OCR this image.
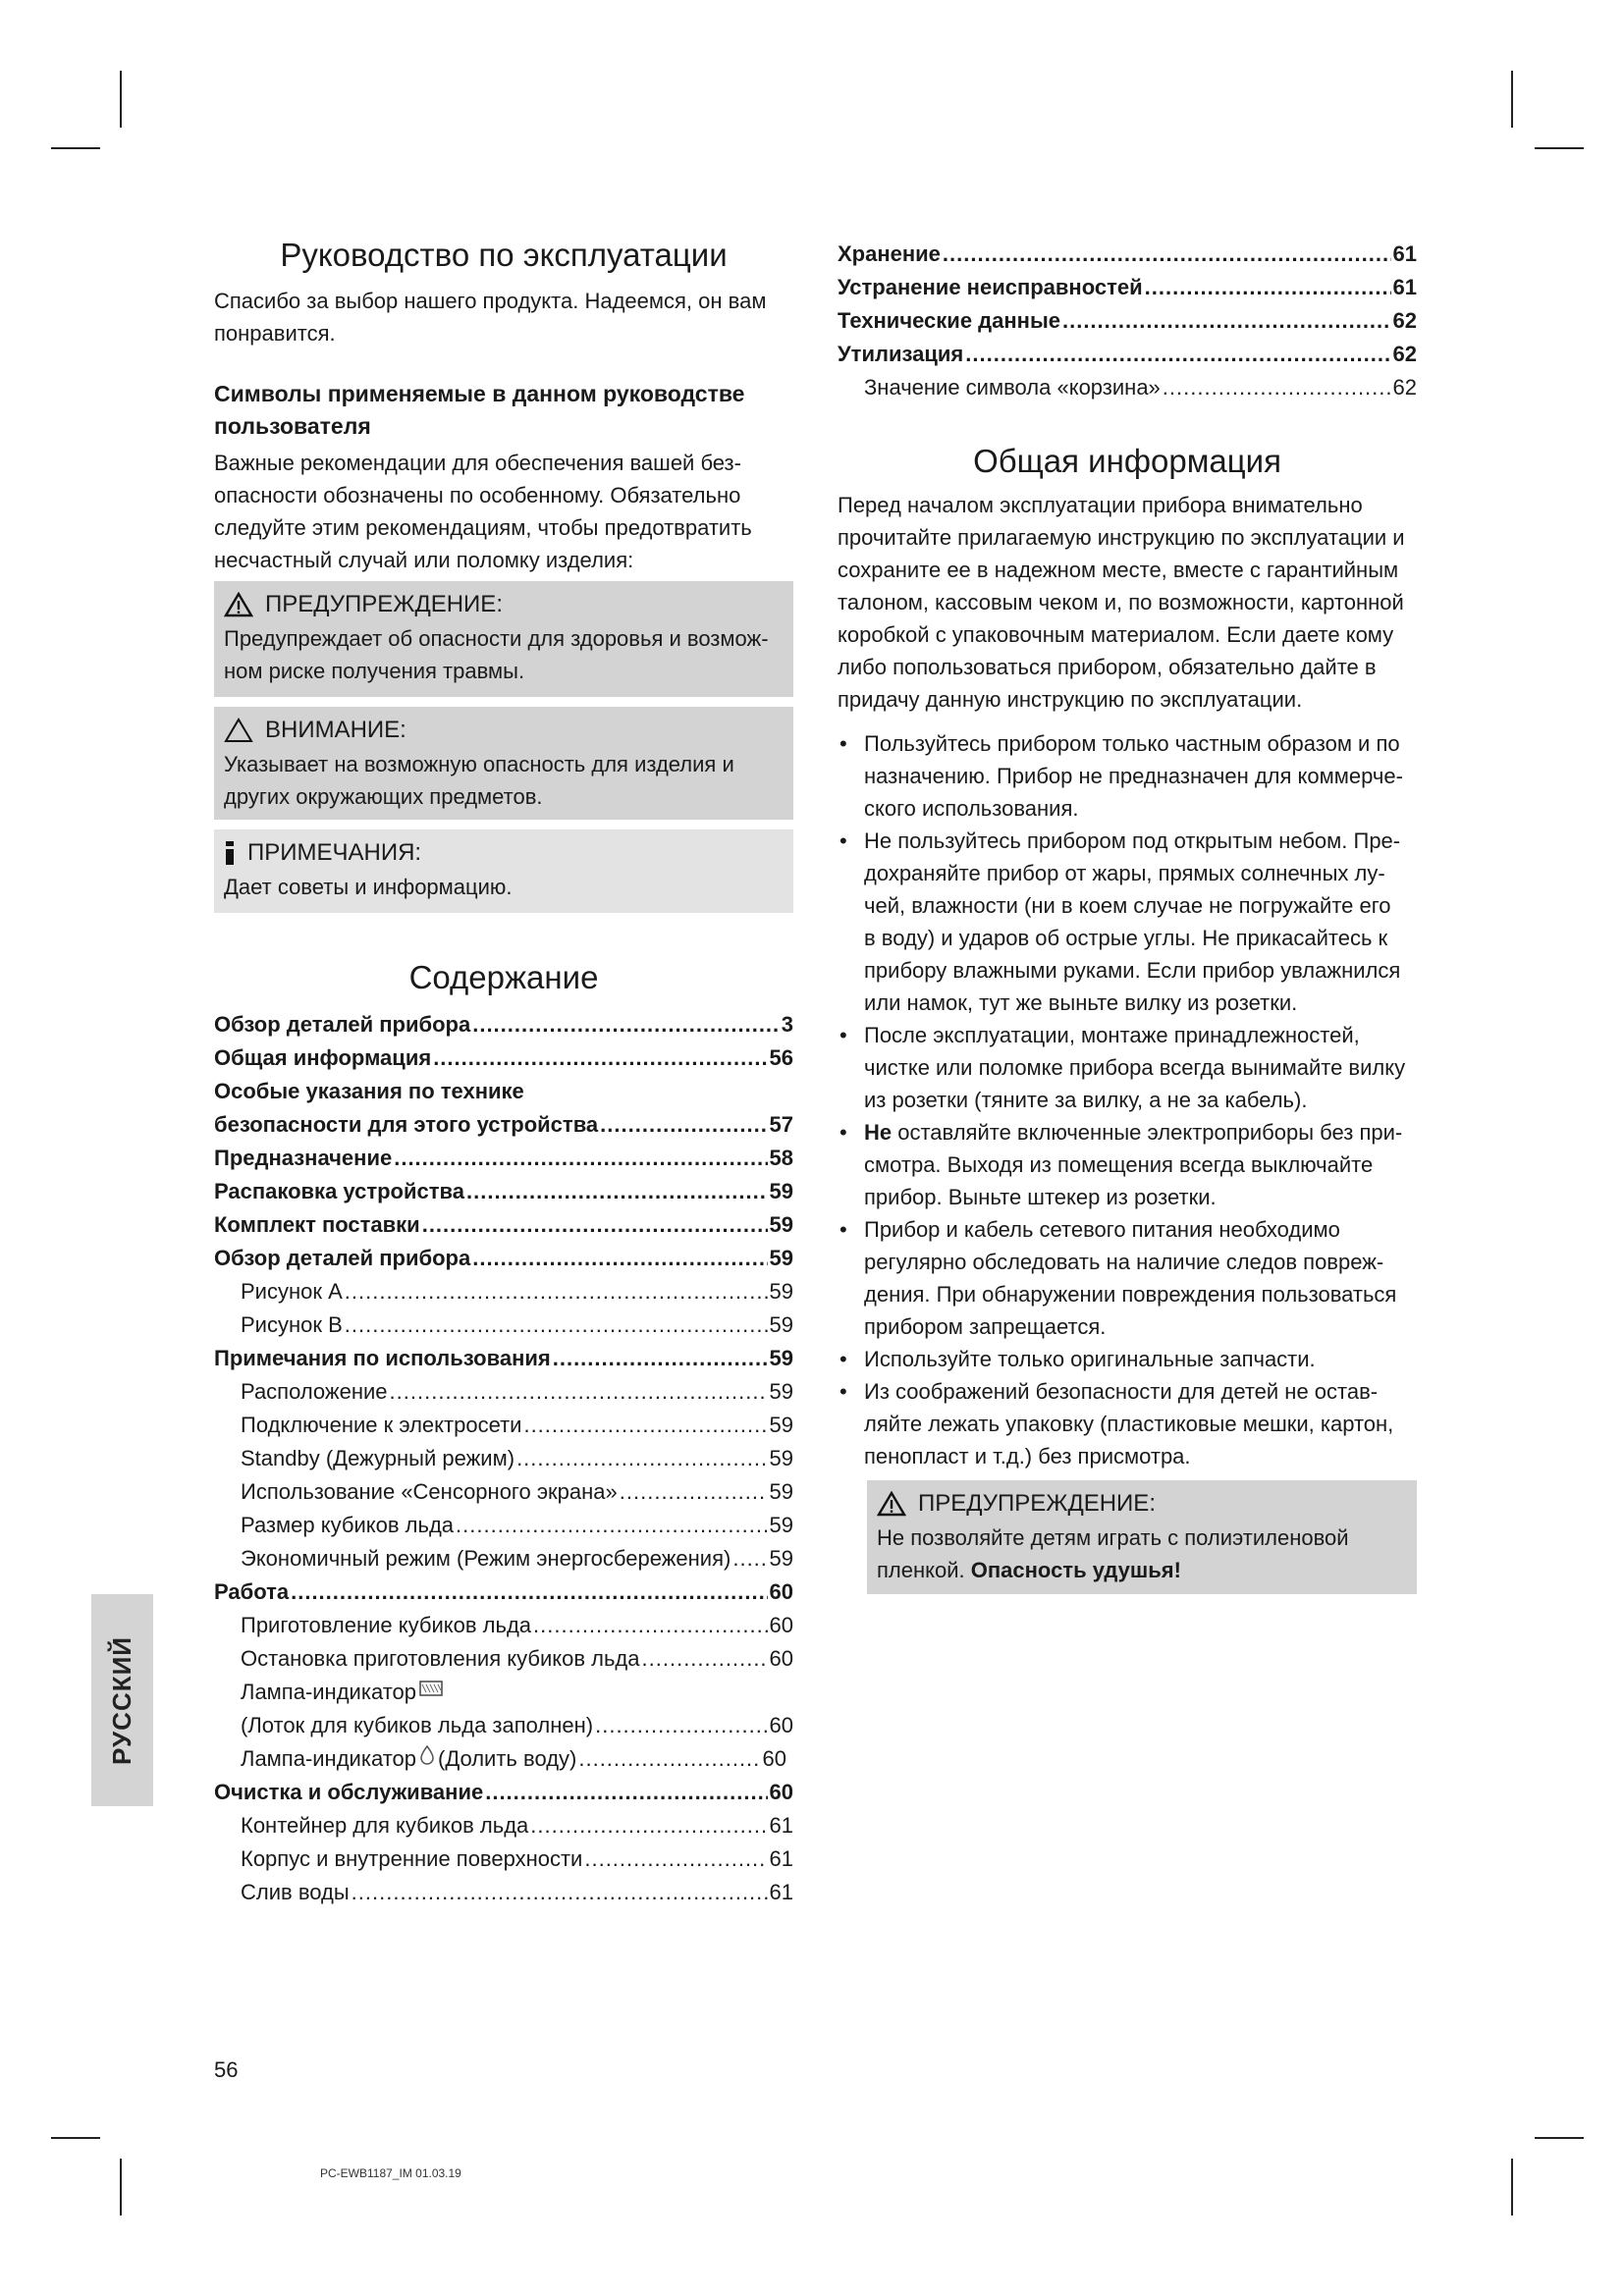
Руководство по эксплуатации

Спасибо за выбор нашего продукта. Надеемся, он вам

понравится.

Символы применяемые в данном руководстве
пользователя

Важные рекомендации для обеспечения вашей без-

опасности обозначены по особенному. Обязательно

следуйте этим рекомендациям, чтобы предотвратить

несчастный случай или поломку изделия:

ПРЕДУПРЕЖДЕНИЕ:
Предупреждает об опасности для здоровья и возмож-
ном риске получения травмы.
ВНИМАНИЕ:
Указывает на возможную опасность для изделия и
других окружающих предметов.
ПРИМЕЧАНИЯ:
Дает советы и информацию.
Содержание
Обзор деталей прибора .....	3
Общая информация .....	56
Особые указания по технике
безопасности для этого устройства .....	57
Предназначение .....	58
Распаковка устройства .....	59
Комплект поставки .....	59
Обзор деталей прибора .....	59
Рисунок A .....	59
Рисунок B .....	59
Примечания по использования .....	59
Расположение .....	59
Подключение к электросети .....	59
Standby (Дежурный режим) .....	59
Использование «Сенсорного экрана» .....	59
Размер кубиков льда .....	59
Экономичный режим (Режим энергосбережения) ..... 59
Работа .....	60
Приготовление кубиков льда .....	60
Остановка приготовления кубиков льда .....	60
Лампа-индикатор
(Лоток для кубиков льда заполнен) .....	60
Лампа-индикатор (Долить воду) .....	60
Очистка и обслуживание .....	60
Контейнер для кубиков льда .....	61
Корпус и внутренние поверхности .....	61
Слив воды .....	61
Хранение .....	61
Устранение неисправностей .....	61
Технические данные .....	62
Утилизация .....	62
Значение символа «корзина» .....	62
Общая информация

Перед началом эксплуатации прибора внимательно

прочитайте прилагаемую инструкцию по эксплуатации и

сохраните ее в надежном месте, вместе с гарантийным

талоном, кассовым чеком и, по возможности, картонной

коробкой с упаковочным материалом. Если даете кому

либо попользоваться прибором, обязательно дайте в

придачу данную инструкцию по эксплуатации.

• Пользуйтесь прибором только частным образом и по
назначению. Прибор не предназначен для коммерче-
ского использования.
• Не пользуйтесь прибором под открытым небом. Пре-
дохраняйте прибор от жары, прямых солнечных лу-
чей, влажности (ни в коем случае не погружайте его
в воду) и ударов об острые углы. Не прикасайтесь к
прибору влажными руками. Если прибор увлажнился
или намок, тут же выньте вилку из розетки.
• После эксплуатации, монтаже принадлежностей,
чистке или поломке прибора всегда вынимайте вилку
из розетки (тяните за вилку, а не за кабель).
• Не оставляйте включенные электроприборы без при-
смотра. Выходя из помещения всегда выключайте
прибор. Выньте штекер из розетки.
• Прибор и кабель сетевого питания необходимо
регулярно обследовать на наличие следов повреж-
дения. При обнаружении повреждения пользоваться
прибором запрещается.
• Используйте только оригинальные запчасти.
• Из соображений безопасности для детей не остав-
ляйте лежать упаковку (пластиковые мешки, картон,
пенопласт и т.д.) без присмотра.
ПРЕДУПРЕЖДЕНИЕ:
Не позволяйте детям играть с полиэтиленовой
пленкой. Опасность удушья!
РУССКИЙ
56
PC-EWB1187_IM 01.03.19
